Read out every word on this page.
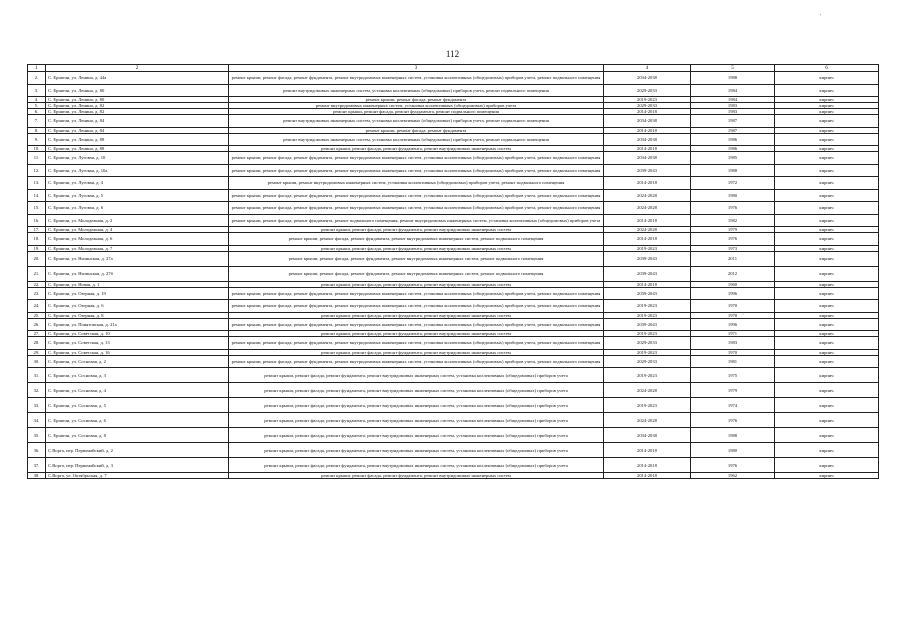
112
'
·
1	2	3	4	5	6
2.	С. Ершичи, ул. Ленина, д. 44а	ремонт крыши, ремонт фасада, ремонт фундамента, ремонт внутридомовых инженерных систем, установка коллективных (общедомовых) приборов учета, ремонт подвального помещения	2034-2038	1988	кирпич
3.	С. Ершичи, ул. Ленина, д. 80	ремонт внутридомовых инженерных систем, установка коллективных (общедомовых) приборов учета, ремонт подвального помещения	2029-2033	1984	кирпич
4.	С. Ершичи, ул. Ленина, д. 80	ремонт крыши, ремонт фасада, ремонт фундамента	2019-2023	1984	кирпич
5.	С. Ершичи, ул. Ленина, д. 82	ремонт внутридомовых инженерных систем, установка коллективных (общедомовых) приборов учета	2029-2033	1983	кирпич
6.	С. Ершичи, ул. Ленина, д. 82	ремонт крыши, ремонт фасада, ремонт фундамента, ремонт подвального помещения	2014-2018	1983	кирпич
7.	С. Ершичи, ул. Ленина, д. 84	ремонт внутридомовых инженерных систем, установка коллективных (общедомовых) приборов учета, ремонт подвального помещения	2034-2038	1987	кирпич
8.	С. Ершичи, ул. Ленина, д. 84	ремонт крыши, ремонт фасада, ремонт фундамента	2014-2018	1987	кирпич
9.	С. Ершичи, ул. Ленина, д. 88	ремонт внутридомовых инженерных систем, установка коллективных (общедомовых) приборов учета, ремонт подвального помещения	2034-2038	1986	кирпич
10.	С. Ершичи, ул. Ленина, д. 88	ремонт крыши, ремонт фасада, ремонт фундамента, ремонт внутридомовых инженерных систем	2014-2018	1986	кирпич
11.	С. Ершичи, ул. Луговая, д. 10	ремонт крыши, ремонт фасада, ремонт фундамента, ремонт внутридомовых инженерных систем, установка коллективных (общедомовых) приборов учета, ремонт подвального помещения	2034-2038	1985	кирпич
12.	С. Ершичи, ул. Луговая, д. 10а	ремонт крыши, ремонт фасада, ремонт фундамента, ремонт внутридомовых инженерных систем, установка коллективных (общедомовых) приборов учета, ремонт подвального помещения	2039-2043	1988	кирпич
13.	С. Ершичи, ул. Луговая, д. 4	ремонт крыши, ремонт внутридомовых инженерных систем, установка коллективных (общедомовых) приборов учета, ремонт подвального помещения	2014-2018	1972	кирпич
14.	С. Ершичи, ул. Луговая, д. 5	ремонт крыши, ремонт фасада, ремонт фундамента, ремонт внутридомовых инженерных систем, установка коллективных (общедомовых) приборов учета, ремонт подвального помещения	2024-2028	1980	кирпич
15.	С. Ершичи, ул. Луговая, д. 6	ремонт крыши, ремонт фасада, ремонт фундамента, ремонт внутридомовых инженерных систем, установка коллективных (общедомовых) приборов учета, ремонт подвального помещения	2024-2028	1976	кирпич
16.	С. Ершичи, ул. Молодежная, д. 2	ремонт крыши, ремонт фасада, ремонт фундамента, ремонт подвального помещения, ремонт внутридомовых инженерных систем, установка коллективных (общедомовых) приборов учета	2014-2018	1982	кирпич
17.	С. Ершичи, ул. Молодежная, д. 4	ремонт крыши, ремонт фасада, ремонт фундамента, ремонт внутридомовых инженерных систем	2024-2028	1979	кирпич
18.	С. Ершичи, ул. Молодежная, д. 6	ремонт крыши, ремонт фасада, ремонт фундамента, ремонт внутридомовых инженерных систем, ремонт подвального помещения	2014-2018	1976	кирпич
19.	С. Ершичи, ул. Молодежная, д. 7	ремонт крыши, ремонт фасада, ремонт фундамента, ремонт внутридомовых инженерных систем	2019-2023	1973	кирпич
20.	С. Ершичи, ул. Низинская, д. 27а	ремонт крыши, ремонт фасада, ремонт фундамента, ремонт внутридомовых инженерных систем, ремонт подвального помещения	2039-2043	2011	кирпич
21.	С. Ершичи, ул. Низинская, д. 27б	ремонт крыши, ремонт фасада, ремонт фундамента, ремонт внутридомовых инженерных систем, ремонт подвального помещения	2039-2043	2012	кирпич
22.	С. Ершичи, ул. Новая, д. 1	ремонт крыши, ремонт фасада, ремонт фундамента, ремонт внутридомовых инженерных систем	2014-2018	1960	кирпич
23.	С. Ершичи, ул. Озерная, д. 19	ремонт крыши, ремонт фасада, ремонт фундамента, ремонт внутридомовых инженерных систем, установка коллективных (общедомовых) приборов учета, ремонт подвального помещения	2039-2043	1996	кирпич
24.	С. Ершичи, ул. Озерная, д. 6	ремонт крыши, ремонт фасада, ремонт фундамента, ремонт внутридомовых инженерных систем, установка коллективных (общедомовых) приборов учета, ремонт подвального помещения	2019-2023	1970	кирпич
25.	С. Ершичи, ул. Озерная, д. 8	ремонт крыши, ремонт фасада, ремонт фундамента, ремонт внутридомовых инженерных систем	2019-2023	1970	кирпич
26.	С. Ершичи, ул. Понятовская, д. 21а	ремонт крыши, ремонт фасада, ремонт фундамента, ремонт внутридомовых инженерных систем, установка коллективных (общедомовых) приборов учета, ремонт подвального помещения	2039-2043	1996	кирпич
27.	С. Ершичи, ул. Советская, д. 10	ремонт крыши, ремонт фасада, ремонт фундамента, ремонт внутридомовых инженерных систем	2019-2023	1971	кирпич
28.	С. Ершичи, ул. Советская, д. 13	ремонт крыши, ремонт фасада, ремонт фундамента, ремонт внутридомовых инженерных систем, установка коллективных (общедомовых) приборов учета, ремонт подвального помещения	2029-2033	1983	кирпич
29.	С. Ершичи, ул. Советская, д. 16	ремонт крыши, ремонт фасада, ремонт фундамента, ремонт внутридомовых инженерных систем	2019-2023	1970	кирпич
30.	С. Ершичи, ул. Сосновая, д. 2	ремонт крыши, ремонт фасада, ремонт фундамента, ремонт внутридомовых инженерных систем, установка коллективных (общедомовых) приборов учета, ремонт подвального помещения	2029-2033	1981	кирпич
31.	С. Ершичи, ул. Сосновая, д. 3	ремонт крыши, ремонт фасада, ремонт фундамента, ремонт внутридомовых инженерных систем, установка коллективных (общедомовых) приборов учета	2019-2023	1975	кирпич
32.	С. Ершичи, ул. Сосновая, д. 4	ремонт крыши, ремонт фасада, ремонт фундамента, ремонт внутридомовых инженерных систем, установка коллективных (общедомовых) приборов учета	2024-2028	1979	кирпич
33.	С. Ершичи, ул. Сосновая, д. 5	ремонт крыши, ремонт фасада, ремонт фундамента, ремонт внутридомовых инженерных систем, установка коллективных (общедомовых) приборов учета	2019-2023	1974	кирпич
34.	С. Ершичи, ул. Сосновая, д. 6	ремонт крыши, ремонт фасада, ремонт фундамента, ремонт внутридомовых инженерных систем, установка коллективных (общедомовых) приборов учета	2024-2028	1976	кирпич
35.	С. Ершичи, ул. Сосновая, д. 8	ремонт крыши, ремонт фасада, ремонт фундамента, ремонт внутридомовых инженерных систем, установка коллективных (общедомовых) приборов учета	2034-2038	1988	кирпич
36.	С.Ворга, пер. Первомайский, д. 2	ремонт крыши, ремонт фасада, ремонт фундамента, ремонт внутридомовых инженерных систем, установка коллективных (общедомовых) приборов учета	2014-2018	1980	кирпич
37.	С.Ворга, пер. Первомайский, д. 3	ремонт крыши, ремонт фасада, ремонт фундамента, ремонт внутридомовых инженерных систем, установка коллективных (общедомовых) приборов учета	2014-2018	1976	кирпич
38.	С.Ворга, ул. Октябрьская, д. 7	ремонт крыши, ремонт фасада, ремонт фундамента, ремонт внутридомовых инженерных систем	2014-2018	1962	кирпич
